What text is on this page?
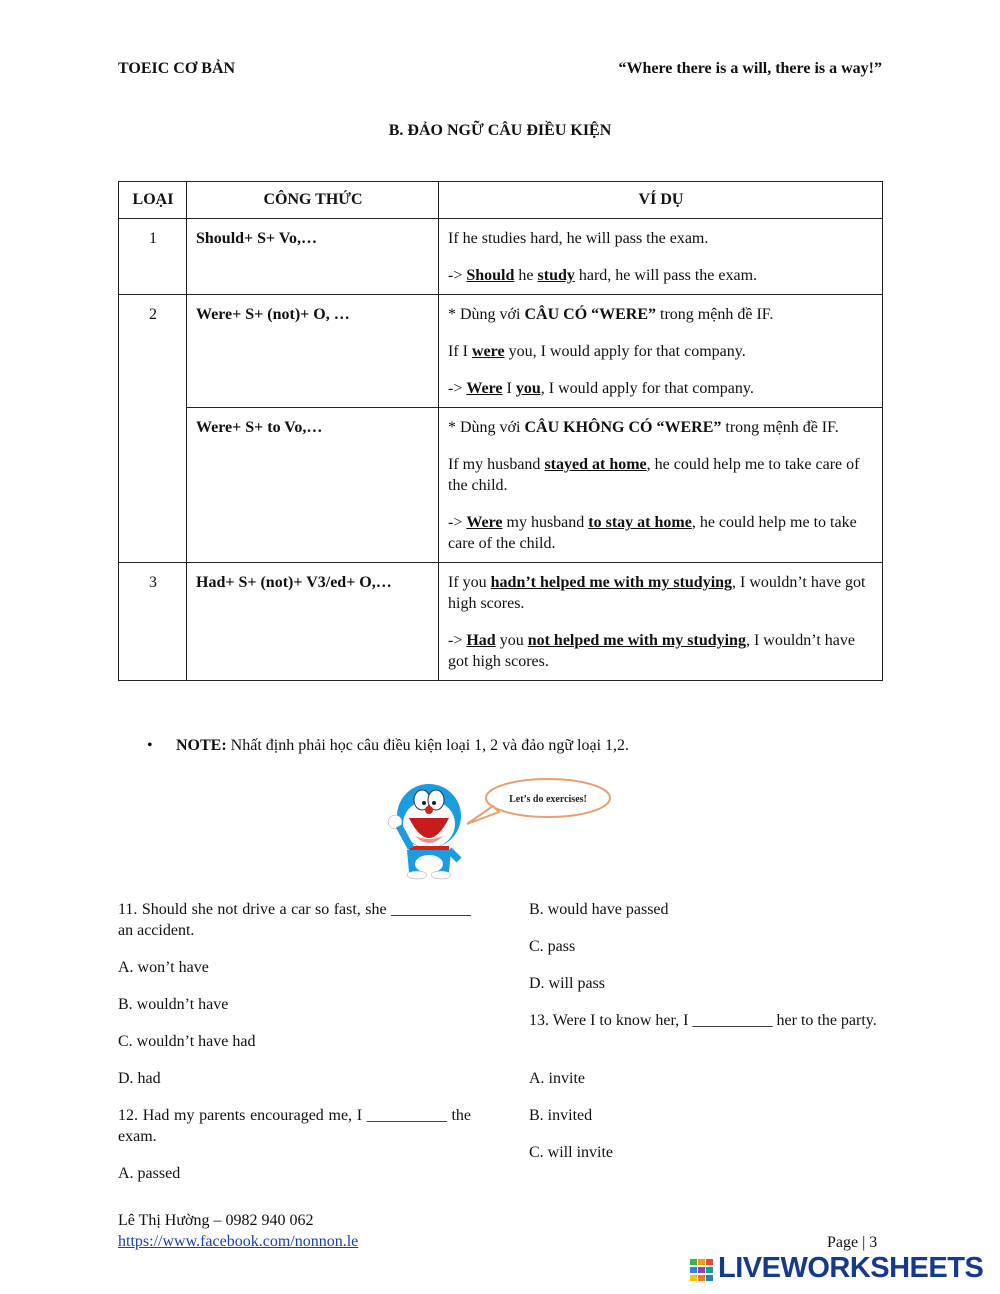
TOEIC CƠ BẢN	“Where there is a will, there is a way!”
B. ĐẢO NGỮ CÂU ĐIỀU KIỆN
LOẠI	CÔNG THỨC	VÍ DỤ
1	Should+ S+ Vo,…	If he studies hard, he will pass the exam.

-> Should he study hard, he will pass the exam.

2	Were+ S+ (not)+ O, …	* Dùng với CÂU CÓ “WERE” trong mệnh đề IF.

If I were you, I would apply for that company.

-> Were I you, I would apply for that company.

	Were+ S+ to Vo,…	* Dùng với CÂU KHÔNG CÓ “WERE” trong mệnh đề IF.

If my husband stayed at home, he could help me to take care of the child.

-> Were my husband to stay at home, he could help me to take care of the child.

3	Had+ S+ (not)+ V3/ed+ O,…	If you hadn’t helped me with my studying, I wouldn’t have got high scores.

-> Had you not helped me with my studying, I wouldn’t have got high scores.

• NOTE: Nhất định phải học câu điều kiện loại 1, 2 và đảo ngữ loại 1,2.
Let’s do exercises!
11. Should she not drive a car so fast, she __________ an accident.
A. won’t have
B. wouldn’t have
C. wouldn’t have had
D. had
12. Had my parents encouraged me, I __________ the exam.
A. passed
B. would have passed
C. pass
D. will pass
13. Were I to know her, I __________ her to the party.
A. invite
B. invited
C. will invite
Lê Thị Hường – 0982 940 062
https://www.facebook.com/nonnon.le	Page | 3
LIVEWORKSHEETS
